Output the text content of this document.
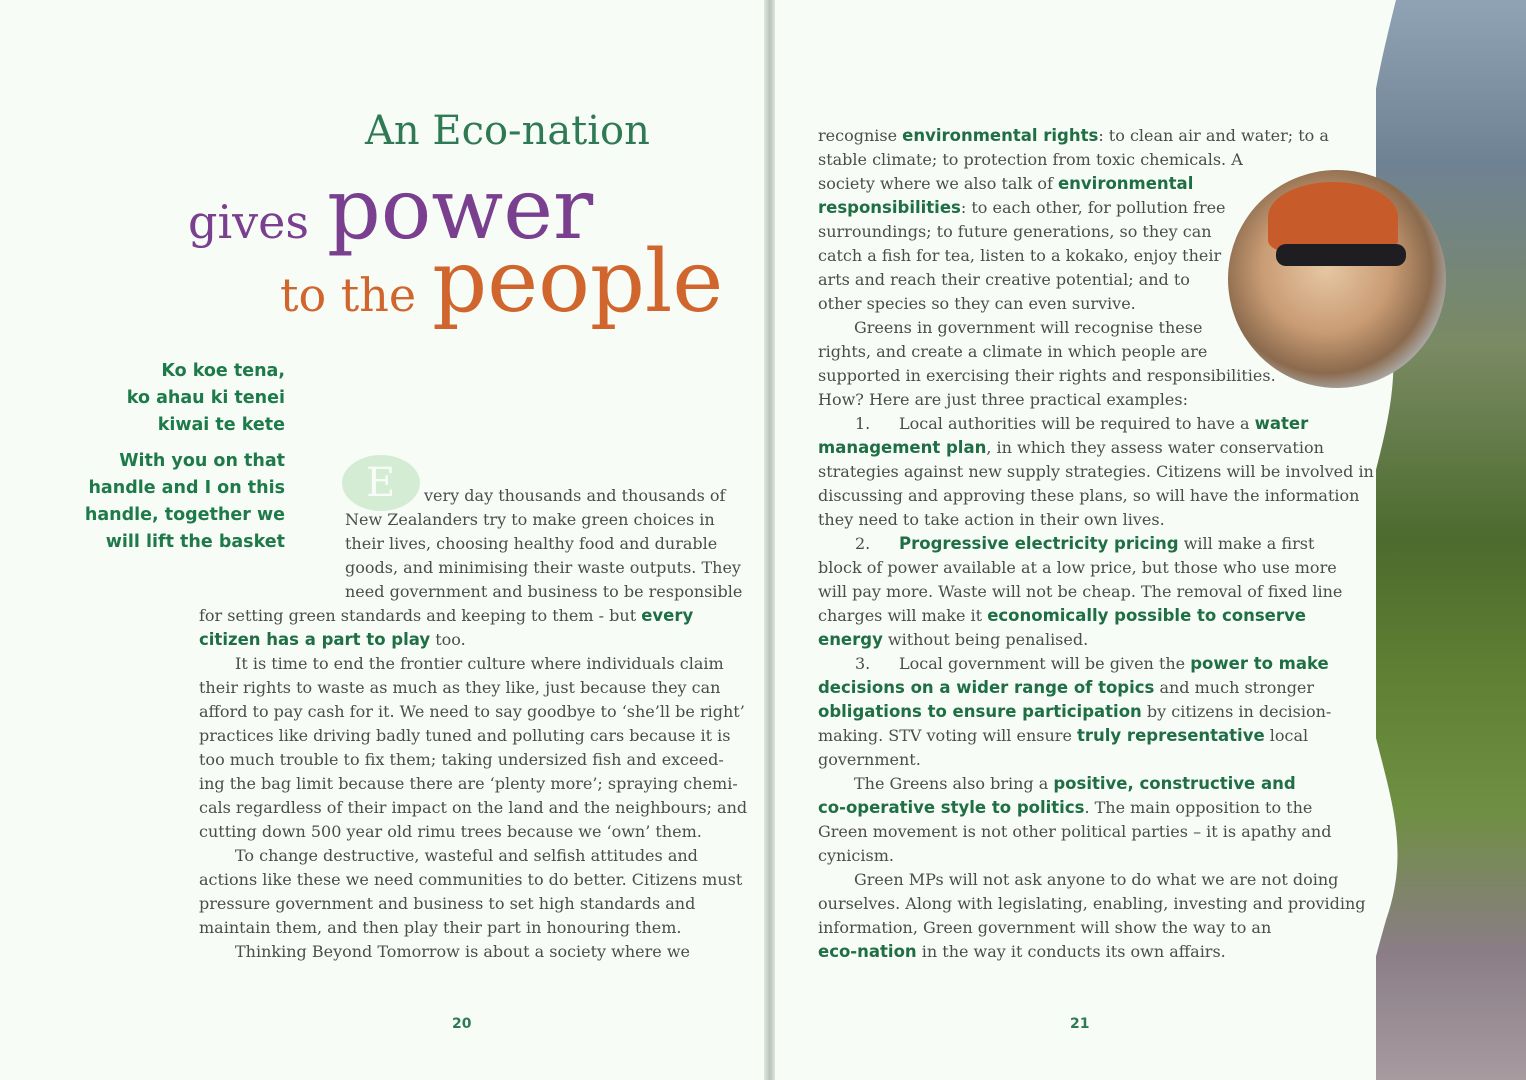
An Eco-nation
gives power
to the people
Ko koe tena,
ko ahau ki tenei
kiwai te kete
With you on that
handle and I on this
handle, together we
will lift the basket
E	very day thousands and thousands of
New Zealanders try to make green choices in
their lives, choosing healthy food and durable
goods, and minimising their waste outputs. They
need government and business to be responsible
for setting green standards and keeping to them - but every
citizen has a part to play too.
It is time to end the frontier culture where individuals claim
their rights to waste as much as they like, just because they can
afford to pay cash for it. We need to say goodbye to ‘she’ll be right’
practices like driving badly tuned and polluting cars because it is
too much trouble to fix them; taking undersized fish and exceed-
ing the bag limit because there are ‘plenty more’; spraying chemi-
cals regardless of their impact on the land and the neighbours; and
cutting down 500 year old rimu trees because we ‘own’ them.
To change destructive, wasteful and selfish attitudes and
actions like these we need communities to do better. Citizens must
pressure government and business to set high standards and
maintain them, and then play their part in honouring them.
Thinking Beyond Tomorrow is about a society where we
20
recognise environmental rights: to clean air and water; to a
stable climate; to protection from toxic chemicals. A
society where we also talk of environmental
responsibilities: to each other, for pollution free
surroundings; to future generations, so they can
catch a fish for tea, listen to a kokako, enjoy their
arts and reach their creative potential; and to
other species so they can even survive.
Greens in government will recognise these
rights, and create a climate in which people are
supported in exercising their rights and responsibilities.
How? Here are just three practical examples:
1. Local authorities will be required to have a water
management plan, in which they assess water conservation
strategies against new supply strategies. Citizens will be involved in
discussing and approving these plans, so will have the information
they need to take action in their own lives.
2. Progressive electricity pricing will make a first
block of power available at a low price, but those who use more
will pay more. Waste will not be cheap. The removal of fixed line
charges will make it economically possible to conserve
energy without being penalised.
3. Local government will be given the power to make
decisions on a wider range of topics and much stronger
obligations to ensure participation by citizens in decision-
making. STV voting will ensure truly representative local
government.
The Greens also bring a positive, constructive and
co-operative style to politics. The main opposition to the
Green movement is not other political parties – it is apathy and
cynicism.
Green MPs will not ask anyone to do what we are not doing
ourselves. Along with legislating, enabling, investing and providing
information, Green government will show the way to an
eco-nation in the way it conducts its own affairs.
21
